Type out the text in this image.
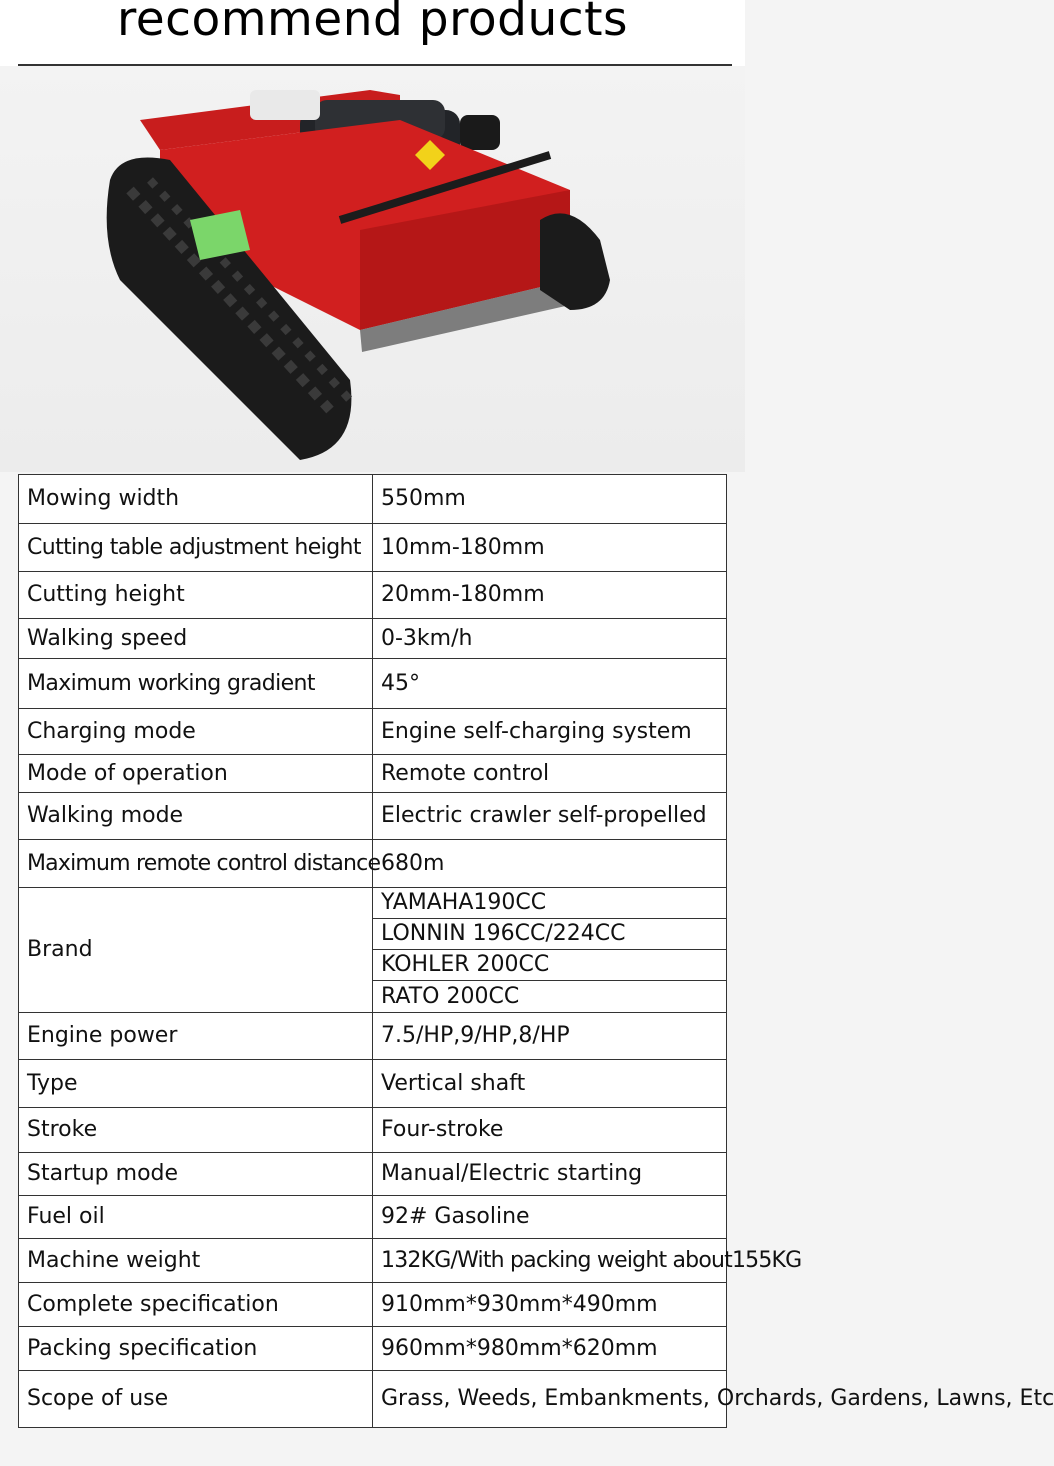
recommend products
Mowing width	550mm
Cutting table adjustment height	10mm-180mm
Cutting height	20mm-180mm
Walking speed	0-3km/h
Maximum working gradient	45°
Charging mode	Engine self-charging system
Mode of operation	Remote control
Walking mode	Electric crawler self-propelled
Maximum remote control distance	680m
Brand	YAMAHA190CC
	LONNIN 196CC/224CC
	KOHLER 200CC
	RATO 200CC
Engine power	7.5/HP,9/HP,8/HP
Type	Vertical shaft
Stroke	Four-stroke
Startup mode	Manual/Electric starting
Fuel oil	92# Gasoline
Machine weight	132KG/With packing weight about155KG
Complete specification	910mm*930mm*490mm
Packing specification	960mm*980mm*620mm
Scope of use	Grass, Weeds, Embankments, Orchards, Gardens, Lawns, Etc
